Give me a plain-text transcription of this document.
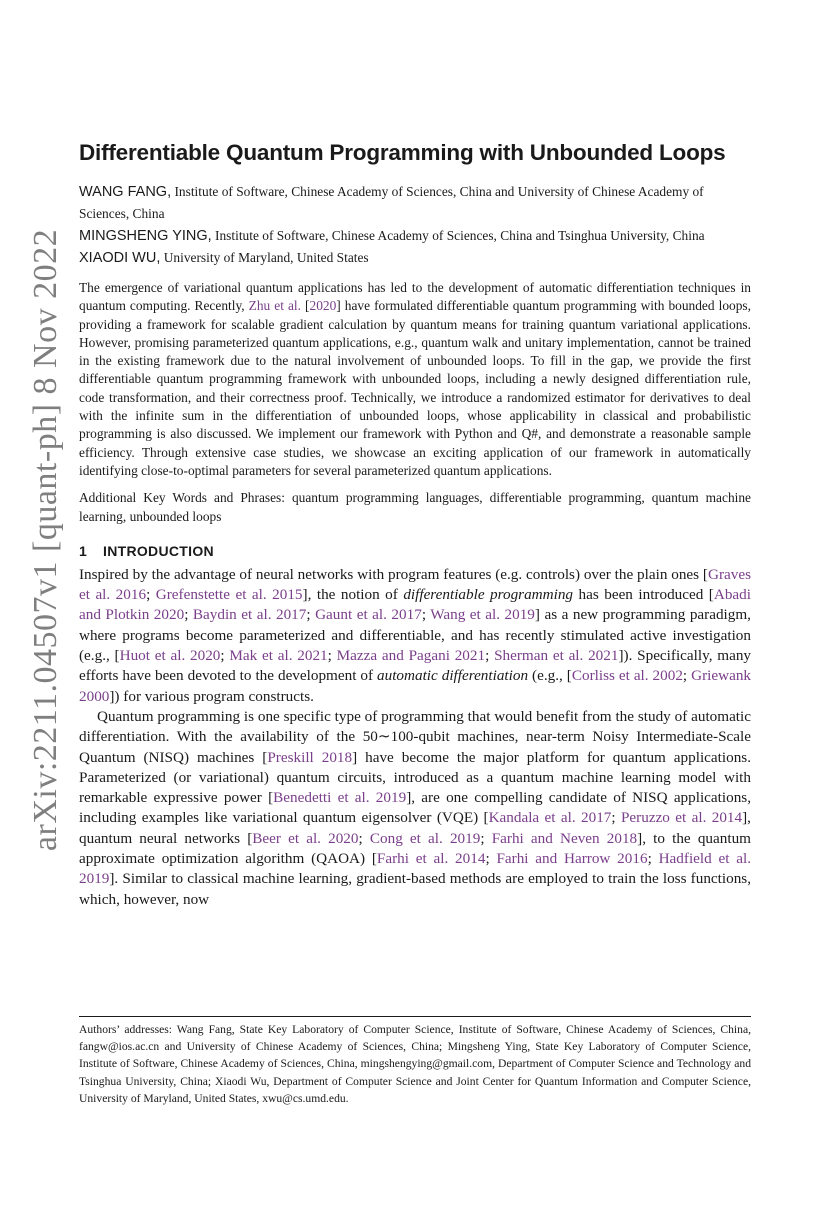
arXiv:2211.04507v1 [quant-ph] 8 Nov 2022
Differentiable Quantum Programming with Unbounded Loops

WANG FANG, Institute of Software, Chinese Academy of Sciences, China and University of Chinese Academy of Sciences, China

MINGSHENG YING, Institute of Software, Chinese Academy of Sciences, China and Tsinghua University, China

XIAODI WU, University of Maryland, United States

The emergence of variational quantum applications has led to the development of automatic differentiation techniques in quantum computing. Recently, Zhu et al. [2020] have formulated differentiable quantum programming with bounded loops, providing a framework for scalable gradient calculation by quantum means for training quantum variational applications. However, promising parameterized quantum applications, e.g., quantum walk and unitary implementation, cannot be trained in the existing framework due to the natural involvement of unbounded loops. To fill in the gap, we provide the first differentiable quantum programming framework with unbounded loops, including a newly designed differentiation rule, code transformation, and their correctness proof. Technically, we introduce a randomized estimator for derivatives to deal with the infinite sum in the differentiation of unbounded loops, whose applicability in classical and probabilistic programming is also discussed. We implement our framework with Python and Q#, and demonstrate a reasonable sample efficiency. Through extensive case studies, we showcase an exciting application of our framework in automatically identifying close-to-optimal parameters for several parameterized quantum applications.

Additional Key Words and Phrases: quantum programming languages, differentiable programming, quantum machine learning, unbounded loops

1 INTRODUCTION

Inspired by the advantage of neural networks with program features (e.g. controls) over the plain ones [Graves et al. 2016; Grefenstette et al. 2015], the notion of differentiable programming has been introduced [Abadi and Plotkin 2020; Baydin et al. 2017; Gaunt et al. 2017; Wang et al. 2019] as a new programming paradigm, where programs become parameterized and differentiable, and has recently stimulated active investigation (e.g., [Huot et al. 2020; Mak et al. 2021; Mazza and Pagani 2021; Sherman et al. 2021]). Specifically, many efforts have been devoted to the development of automatic differentiation (e.g., [Corliss et al. 2002; Griewank 2000]) for various program constructs.

Quantum programming is one specific type of programming that would benefit from the study of automatic differentiation. With the availability of the 50∼100-qubit machines, near-term Noisy Intermediate-Scale Quantum (NISQ) machines [Preskill 2018] have become the major platform for quantum applications. Parameterized (or variational) quantum circuits, introduced as a quantum machine learning model with remarkable expressive power [Benedetti et al. 2019], are one compelling candidate of NISQ applications, including examples like variational quantum eigensolver (VQE) [Kandala et al. 2017; Peruzzo et al. 2014], quantum neural networks [Beer et al. 2020; Cong et al. 2019; Farhi and Neven 2018], to the quantum approximate optimization algorithm (QAOA) [Farhi et al. 2014; Farhi and Harrow 2016; Hadfield et al. 2019]. Similar to classical machine learning, gradient-based methods are employed to train the loss functions, which, however, now

Authors’ addresses: Wang Fang, State Key Laboratory of Computer Science, Institute of Software, Chinese Academy of Sciences, China, fangw@ios.ac.cn and University of Chinese Academy of Sciences, China; Mingsheng Ying, State Key Laboratory of Computer Science, Institute of Software, Chinese Academy of Sciences, China, mingshengying@gmail.com, Department of Computer Science and Technology and Tsinghua University, China; Xiaodi Wu, Department of Computer Science and Joint Center for Quantum Information and Computer Science, University of Maryland, United States, xwu@cs.umd.edu.
